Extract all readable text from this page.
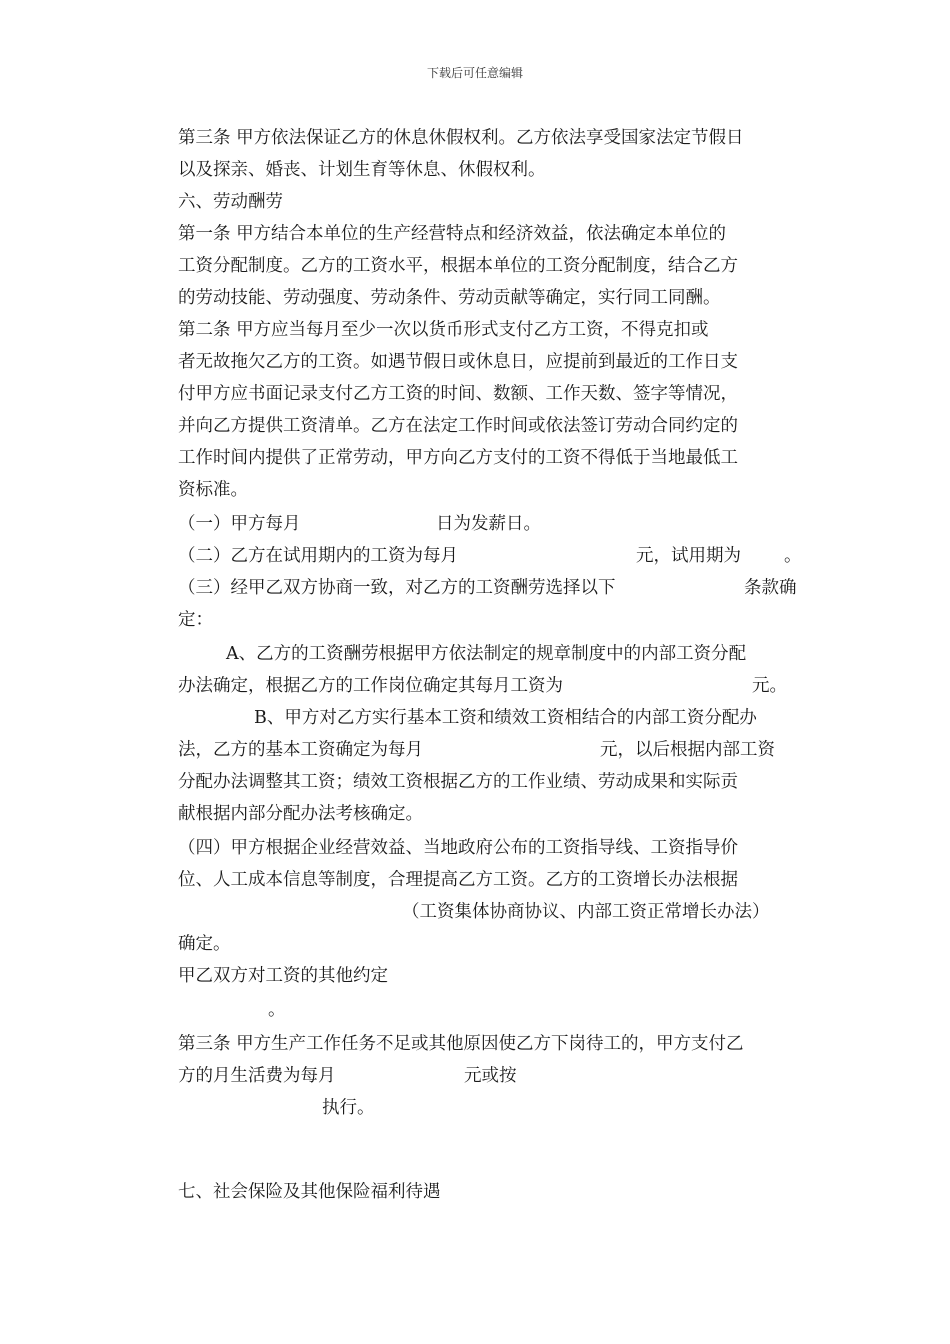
下载后可任意编辑
第三条 甲方依法保证乙方的休息休假权利。乙方依法享受国家法定节假日
以及探亲、婚丧、计划生育等休息、休假权利。
六、劳动酬劳
第一条 甲方结合本单位的生产经营特点和经济效益，依法确定本单位的
工资分配制度。乙方的工资水平，根据本单位的工资分配制度，结合乙方
的劳动技能、劳动强度、劳动条件、劳动贡献等确定，实行同工同酬。
第二条 甲方应当每月至少一次以货币形式支付乙方工资，不得克扣或
者无故拖欠乙方的工资。如遇节假日或休息日，应提前到最近的工作日支
付甲方应书面记录支付乙方工资的时间、数额、工作天数、签字等情况，
并向乙方提供工资清单。乙方在法定工作时间或依法签订劳动合同约定的
工作时间内提供了正常劳动，甲方向乙方支付的工资不得低于当地最低工
资标准。
（一）甲方每月	日为发薪日。
（二）乙方在试用期内的工资为每月	元，试用期为 。
（三）经甲乙双方协商一致，对乙方的工资酬劳选择以下	条款确
定：
A、乙方的工资酬劳根据甲方依法制定的规章制度中的内部工资分配
办法确定，根据乙方的工作岗位确定其每月工资为	元。
B、甲方对乙方实行基本工资和绩效工资相结合的内部工资分配办
法，乙方的基本工资确定为每月	元，以后根据内部工资
分配办法调整其工资；绩效工资根据乙方的工作业绩、劳动成果和实际贡
献根据内部分配办法考核确定。
（四）甲方根据企业经营效益、当地政府公布的工资指导线、工资指导价
位、人工成本信息等制度，合理提高乙方工资。乙方的工资增长办法根据
（工资集体协商协议、内部工资正常增长办法）
确定。
甲乙双方对工资的其他约定
。
第三条 甲方生产工作任务不足或其他原因使乙方下岗待工的，甲方支付乙
方的月生活费为每月	元或按
执行。
七、社会保险及其他保险福利待遇
